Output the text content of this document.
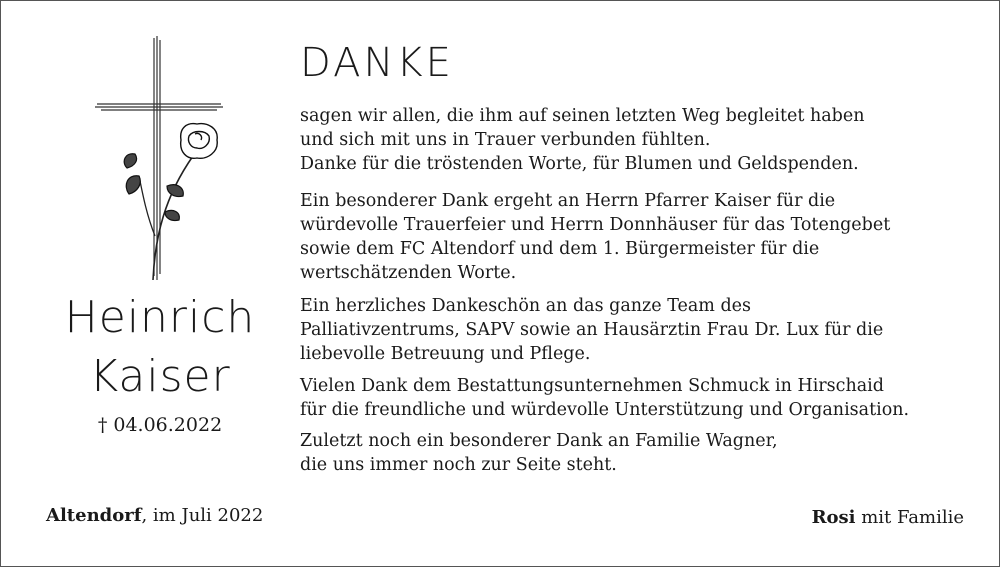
Heinrich
Kaiser
† 04.06.2022
DANKE
sagen wir allen, die ihm auf seinen letzten Weg begleitet haben
und sich mit uns in Trauer verbunden fühlten.
Danke für die tröstenden Worte, für Blumen und Geldspenden.
Ein besonderer Dank ergeht an Herrn Pfarrer Kaiser für die
würdevolle Trauerfeier und Herrn Donnhäuser für das Totengebet
sowie dem FC Altendorf und dem 1. Bürgermeister für die
wertschätzenden Worte.
Ein herzliches Dankeschön an das ganze Team des
Palliativzentrums, SAPV sowie an Hausärztin Frau Dr. Lux für die
liebevolle Betreuung und Pflege.
Vielen Dank dem Bestattungsunternehmen Schmuck in Hirschaid
für die freundliche und würdevolle Unterstützung und Organisation.
Zuletzt noch ein besonderer Dank an Familie Wagner,
die uns immer noch zur Seite steht.
Altendorf, im Juli 2022	Rosi mit Familie
